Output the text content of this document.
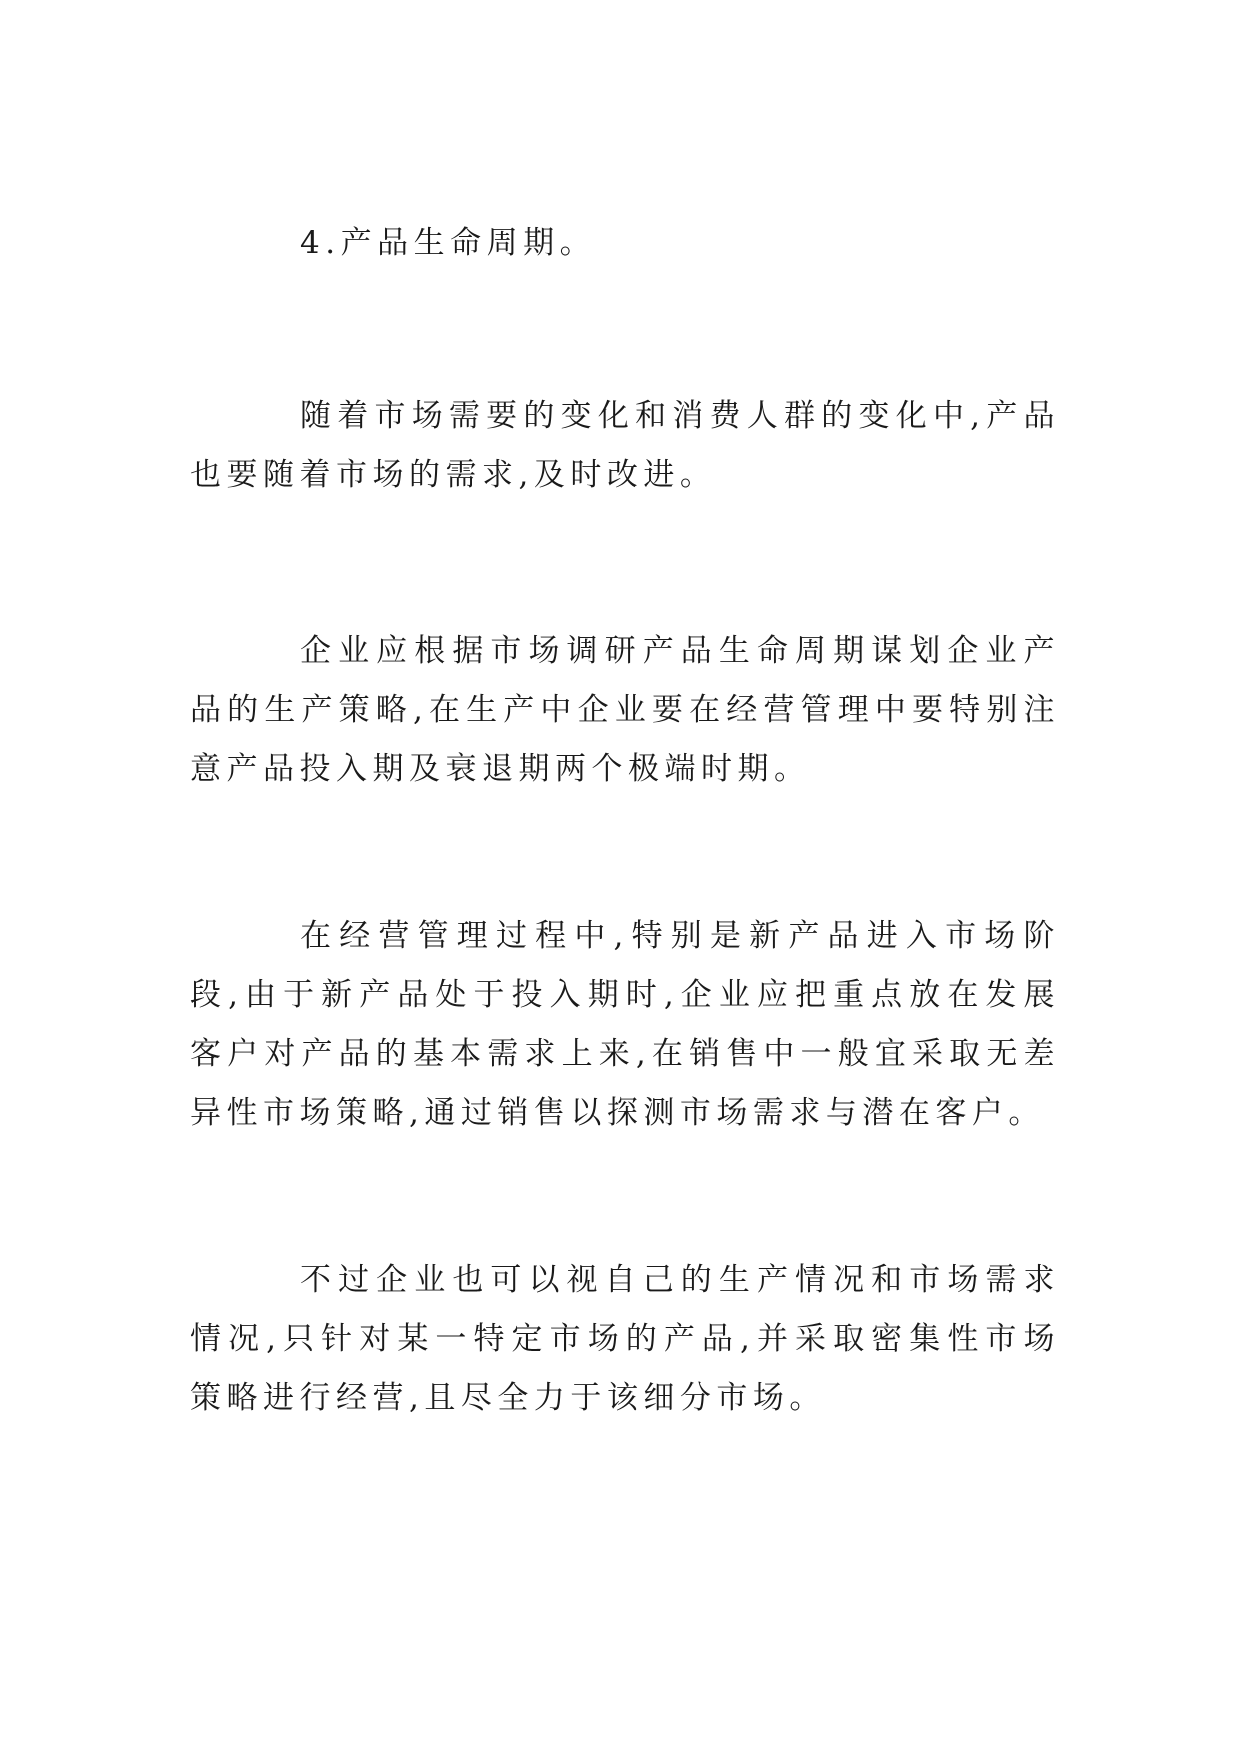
4.产品生命周期。

随着市场需要的变化和消费人群的变化中,产品也要随着市场的需求,及时改进。

企业应根据市场调研产品生命周期谋划企业产品的生产策略,在生产中企业要在经营管理中要特别注意产品投入期及衰退期两个极端时期。

在经营管理过程中,特别是新产品进入市场阶段,由于新产品处于投入期时,企业应把重点放在发展客户对产品的基本需求上来,在销售中一般宜采取无差异性市场策略,通过销售以探测市场需求与潜在客户。

不过企业也可以视自己的生产情况和市场需求情况,只针对某一特定市场的产品,并采取密集性市场策略进行经营,且尽全力于该细分市场。
